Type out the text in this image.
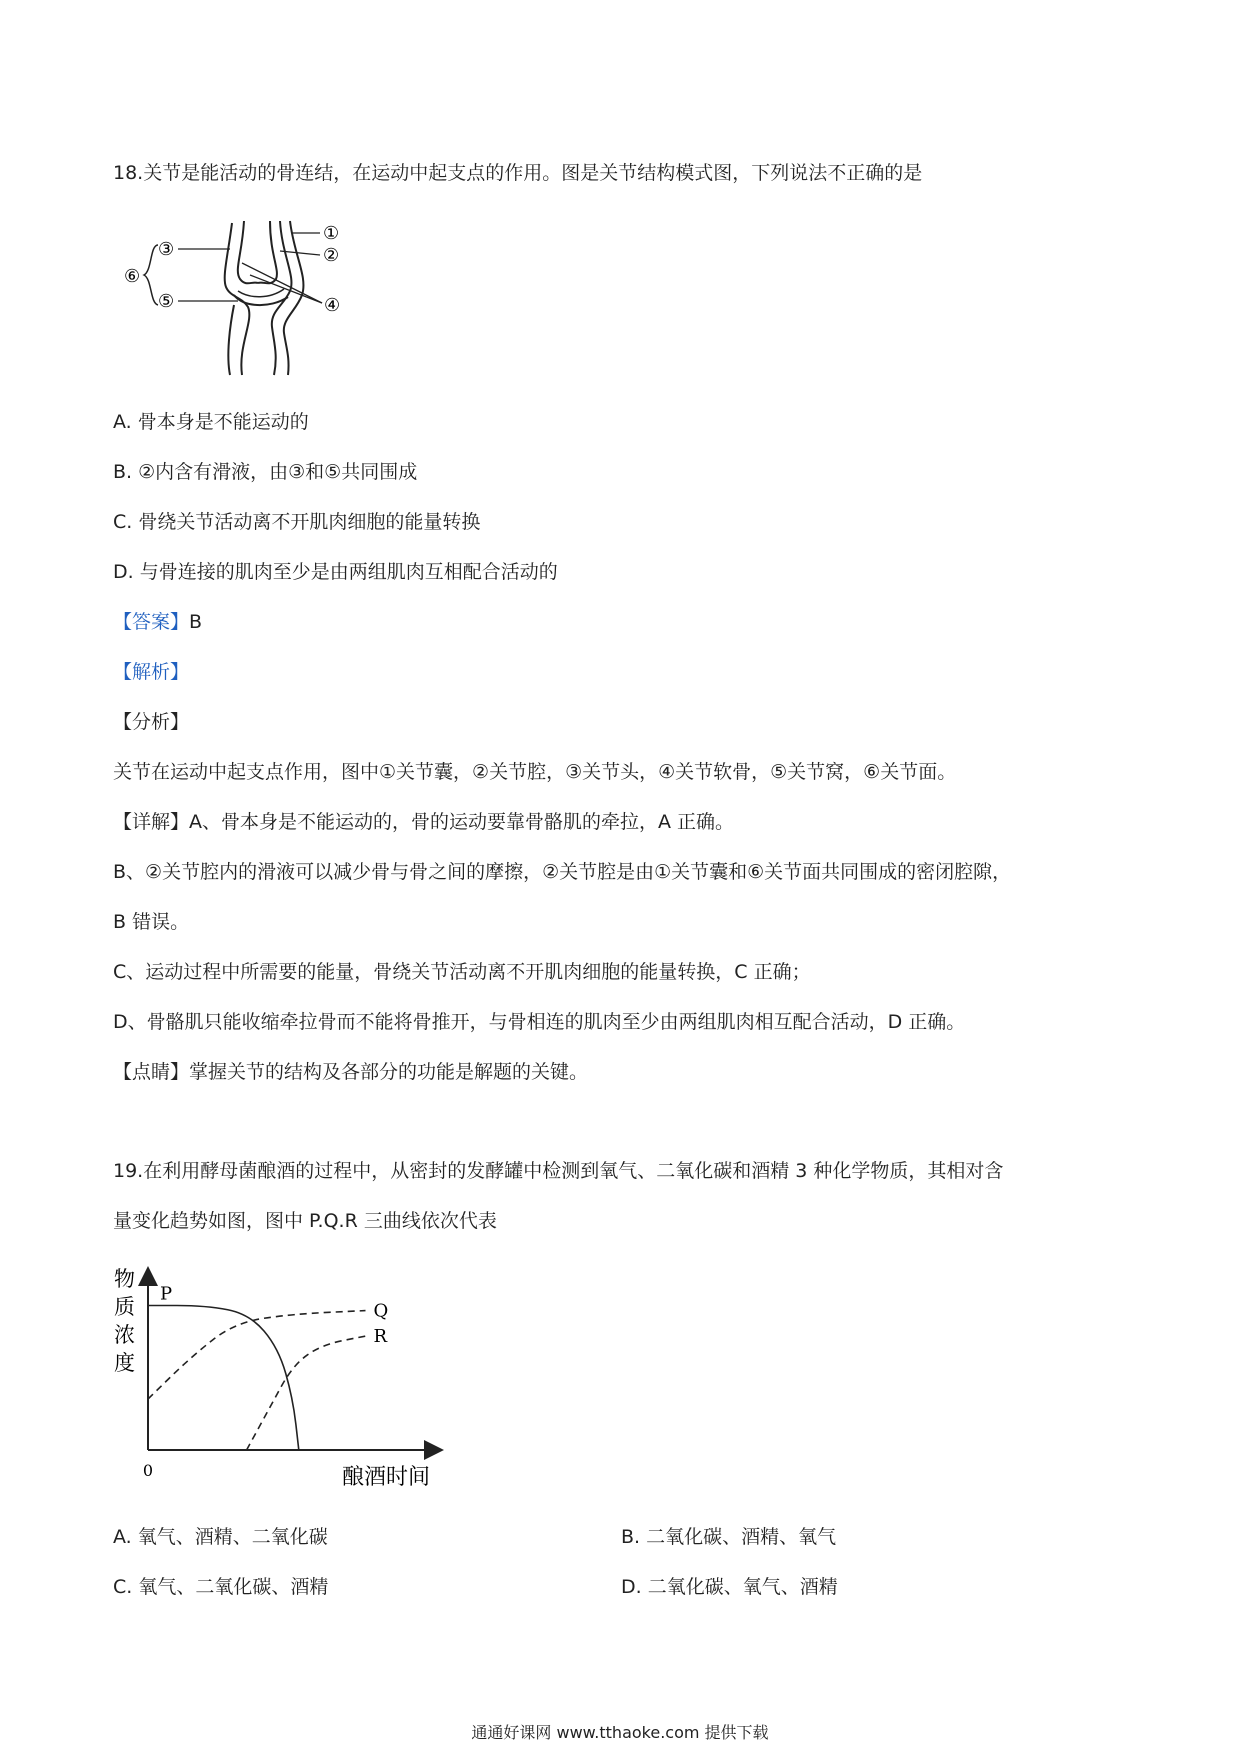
18.关节是能活动的骨连结，在运动中起支点的作用。图是关节结构模式图，下列说法不正确的是
①
②
③
④
⑤
⑥
A. 骨本身是不能运动的
B. ②内含有滑液，由③和⑤共同围成
C. 骨绕关节活动离不开肌肉细胞的能量转换
D. 与骨连接的肌肉至少是由两组肌肉互相配合活动的
【答案】B
【解析】
【分析】
关节在运动中起支点作用，图中①关节囊，②关节腔，③关节头，④关节软骨，⑤关节窝，⑥关节面。
【详解】A、骨本身是不能运动的，骨的运动要靠骨骼肌的牵拉，A 正确。
B、②关节腔内的滑液可以减少骨与骨之间的摩擦，②关节腔是由①关节囊和⑥关节面共同围成的密闭腔隙，
B 错误。
C、运动过程中所需要的能量，骨绕关节活动离不开肌肉细胞的能量转换，C 正确；
D、骨骼肌只能收缩牵拉骨而不能将骨推开，与骨相连的肌肉至少由两组肌肉相互配合活动，D 正确。
【点睛】掌握关节的结构及各部分的功能是解题的关键。
19.在利用酵母菌酿酒的过程中，从密封的发酵罐中检测到氧气、二氧化碳和酒精 3 种化学物质，其相对含
量变化趋势如图，图中 P.Q.R 三曲线依次代表
物
质
浓
度
0	酿酒时间
P
Q
R
A. 氧气、酒精、二氧化碳	B. 二氧化碳、酒精、氧气
C. 氧气、二氧化碳、酒精	D. 二氧化碳、氧气、酒精
通通好课网 www.tthaoke.com 提供下载
